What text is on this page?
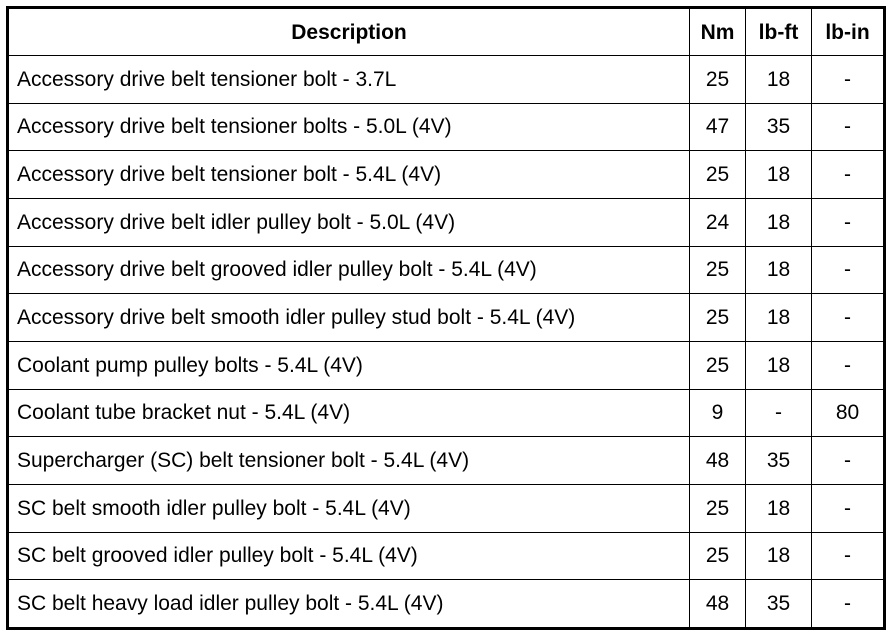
Description	Nm	lb-ft	lb-in
Accessory drive belt tensioner bolt - 3.7L	25	18	-
Accessory drive belt tensioner bolts - 5.0L (4V)	47	35	-
Accessory drive belt tensioner bolt - 5.4L (4V)	25	18	-
Accessory drive belt idler pulley bolt - 5.0L (4V)	24	18	-
Accessory drive belt grooved idler pulley bolt - 5.4L (4V)	25	18	-
Accessory drive belt smooth idler pulley stud bolt - 5.4L (4V)	25	18	-
Coolant pump pulley bolts - 5.4L (4V)	25	18	-
Coolant tube bracket nut - 5.4L (4V)	9	-	80
Supercharger (SC) belt tensioner bolt - 5.4L (4V)	48	35	-
SC belt smooth idler pulley bolt - 5.4L (4V)	25	18	-
SC belt grooved idler pulley bolt - 5.4L (4V)	25	18	-
SC belt heavy load idler pulley bolt - 5.4L (4V)	48	35	-
